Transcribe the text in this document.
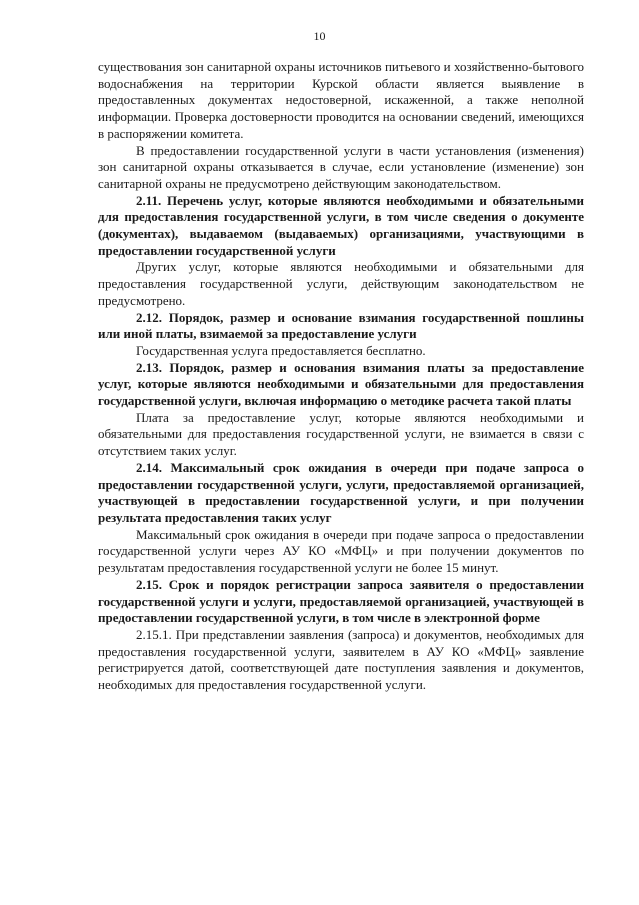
10

существования зон санитарной охраны источников питьевого и хозяйственно-бытового водоснабжения на территории Курской области является выявление в предоставленных документах недостоверной, искаженной, а также неполной информации. Проверка достоверности проводится на основании сведений, имеющихся в распоряжении комитета.

В предоставлении государственной услуги в части установления (изменения) зон санитарной охраны отказывается в случае, если установление (изменение) зон санитарной охраны не предусмотрено действующим законодательством.

2.11. Перечень услуг, которые являются необходимыми и обязательными для предоставления государственной услуги, в том числе сведения о документе (документах), выдаваемом (выдаваемых) организациями, участвующими в предоставлении государственной услуги

Других услуг, которые являются необходимыми и обязательными для предоставления государственной услуги, действующим законодательством не предусмотрено.

2.12. Порядок, размер и основание взимания государственной пошлины или иной платы, взимаемой за предоставление услуги

Государственная услуга предоставляется бесплатно.

2.13. Порядок, размер и основания взимания платы за предоставление услуг, которые являются необходимыми и обязательными для предоставления государственной услуги, включая информацию о методике расчета такой платы

Плата за предоставление услуг, которые являются необходимыми и обязательными для предоставления государственной услуги, не взимается в связи с отсутствием таких услуг.

2.14. Максимальный срок ожидания в очереди при подаче запроса о предоставлении государственной услуги, услуги, предоставляемой организацией, участвующей в предоставлении государственной услуги, и при получении результата предоставления таких услуг

Максимальный срок ожидания в очереди при подаче запроса о предоставлении государственной услуги через АУ КО «МФЦ» и при получении документов по результатам предоставления государственной услуги не более 15 минут.

2.15. Срок и порядок регистрации запроса заявителя о предоставлении государственной услуги и услуги, предоставляемой организацией, участвующей в предоставлении государственной услуги, в том числе в электронной форме

2.15.1. При представлении заявления (запроса) и документов, необходимых для предоставления государственной услуги, заявителем в АУ КО «МФЦ» заявление регистрируется датой, соответствующей дате поступления заявления и документов, необходимых для предоставления государственной услуги.
